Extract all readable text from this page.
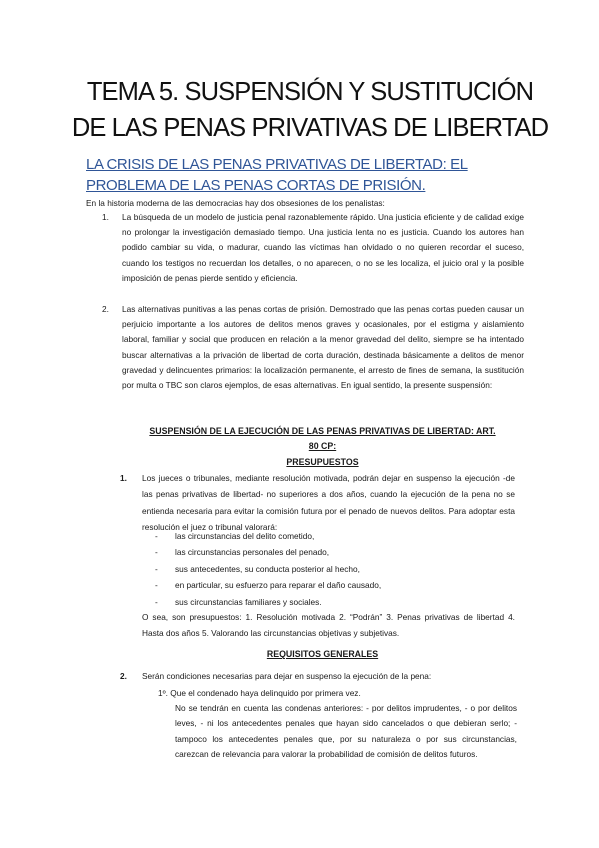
TEMA 5. SUSPENSIÓN Y SUSTITUCIÓN
DE LAS PENAS PRIVATIVAS DE LIBERTAD
LA CRISIS DE LAS PENAS PRIVATIVAS DE LIBERTAD: EL PROBLEMA DE LAS PENAS CORTAS DE PRISIÓN.
En la historia moderna de las democracias hay dos obsesiones de los penalistas:
1. La búsqueda de un modelo de justicia penal razonablemente rápido. Una justicia eficiente y de calidad exige no prolongar la investigación demasiado tiempo. Una justicia lenta no es justicia. Cuando los autores han podido cambiar su vida, o madurar, cuando las víctimas han olvidado o no quieren recordar el suceso, cuando los testigos no recuerdan los detalles, o no aparecen, o no se les localiza, el juicio oral y la posible imposición de penas pierde sentido y eficiencia.
2. Las alternativas punitivas a las penas cortas de prisión. Demostrado que las penas cortas pueden causar un perjuicio importante a los autores de delitos menos graves y ocasionales, por el estigma y aislamiento laboral, familiar y social que producen en relación a la menor gravedad del delito, siempre se ha intentado buscar alternativas a la privación de libertad de corta duración, destinada básicamente a delitos de menor gravedad y delincuentes primarios: la localización permanente, el arresto de fines de semana, la sustitución por multa o TBC son claros ejemplos, de esas alternativas. En igual sentido, la presente suspensión:
SUSPENSIÓN DE LA EJECUCIÓN DE LAS PENAS PRIVATIVAS DE LIBERTAD: ART.
80 CP:
PRESUPUESTOS
1. Los jueces o tribunales, mediante resolución motivada, podrán dejar en suspenso la ejecución -de las penas privativas de libertad- no superiores a dos años, cuando la ejecución de la pena no se entienda necesaria para evitar la comisión futura por el penado de nuevos delitos. Para adoptar esta resolución el juez o tribunal valorará:
- las circunstancias del delito cometido,
- las circunstancias personales del penado,
- sus antecedentes, su conducta posterior al hecho,
- en particular, su esfuerzo para reparar el daño causado,
- sus circunstancias familiares y sociales.
O sea, son presupuestos: 1. Resolución motivada 2. “Podrán” 3. Penas privativas de libertad 4. Hasta dos años 5. Valorando las circunstancias objetivas y subjetivas.
REQUISITOS GENERALES
2. Serán condiciones necesarias para dejar en suspenso la ejecución de la pena:
1º. Que el condenado haya delinquido por primera vez.
No se tendrán en cuenta las condenas anteriores: - por delitos imprudentes, - o por delitos leves, - ni los antecedentes penales que hayan sido cancelados o que debieran serlo; - tampoco los antecedentes penales que, por su naturaleza o por sus circunstancias, carezcan de relevancia para valorar la probabilidad de comisión de delitos futuros.
